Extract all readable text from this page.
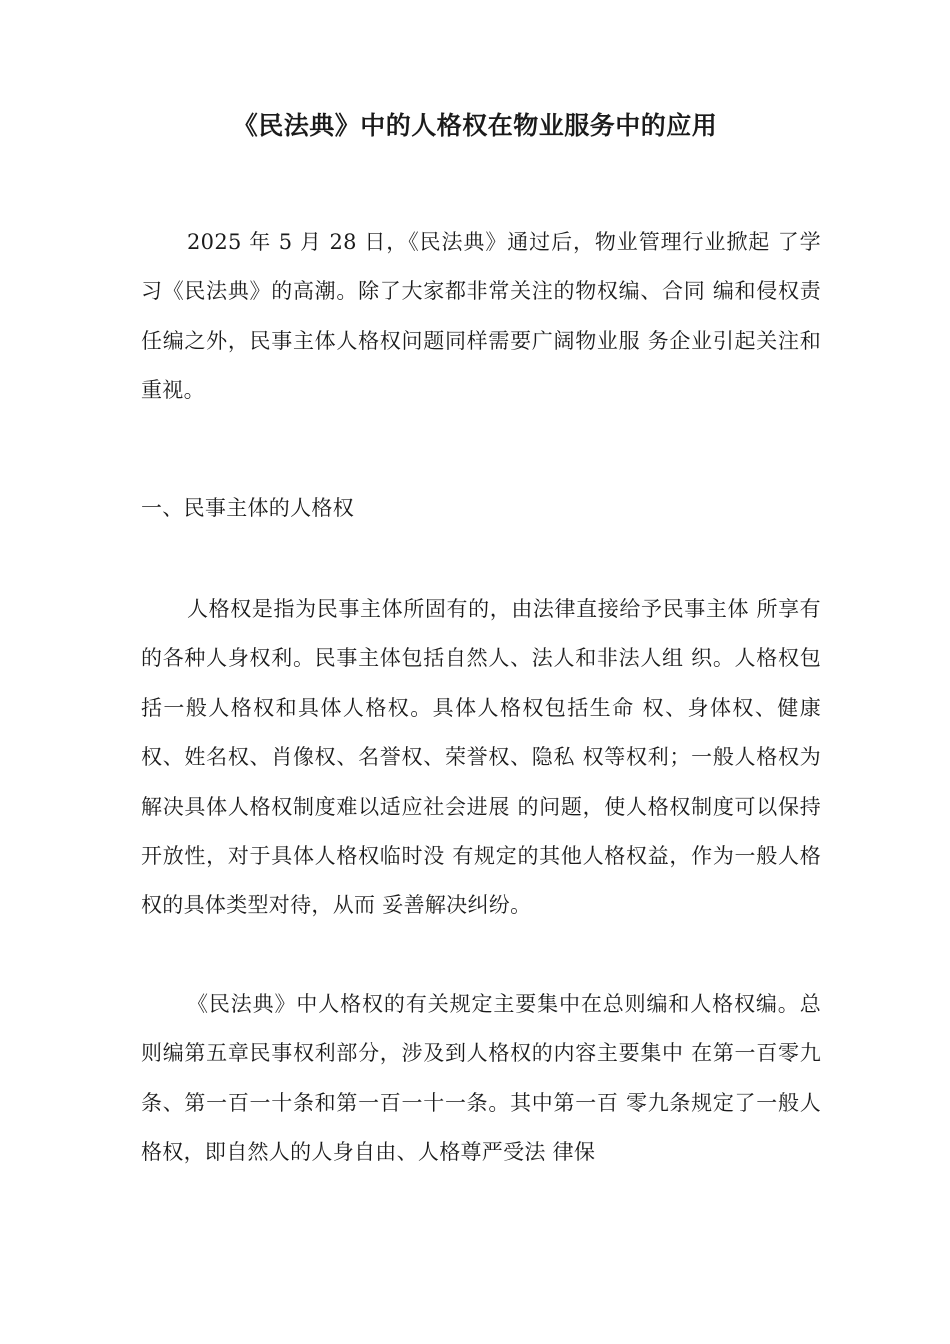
《民法典》中的人格权在物业服务中的应用

2025 年 5 月 28 日，《民法典》通过后，物业管理行业掀起 了学习《民法典》的高潮。除了大家都非常关注的物权编、合同 编和侵权责任编之外，民事主体人格权问题同样需要广阔物业服 务企业引起关注和重视。

一、民事主体的人格权

人格权是指为民事主体所固有的，由法律直接给予民事主体 所享有的各种人身权利。民事主体包括自然人、法人和非法人组 织。人格权包括一般人格权和具体人格权。具体人格权包括生命 权、身体权、健康权、姓名权、肖像权、名誉权、荣誉权、隐私 权等权利；一般人格权为解决具体人格权制度难以适应社会进展 的问题，使人格权制度可以保持开放性，对于具体人格权临时没 有规定的其他人格权益，作为一般人格权的具体类型对待，从而 妥善解决纠纷。

《民法典》中人格权的有关规定主要集中在总则编和人格权编。总则编第五章民事权利部分，涉及到人格权的内容主要集中 在第一百零九条、第一百一十条和第一百一十一条。其中第一百 零九条规定了一般人格权，即自然人的人身自由、人格尊严受法 律保
